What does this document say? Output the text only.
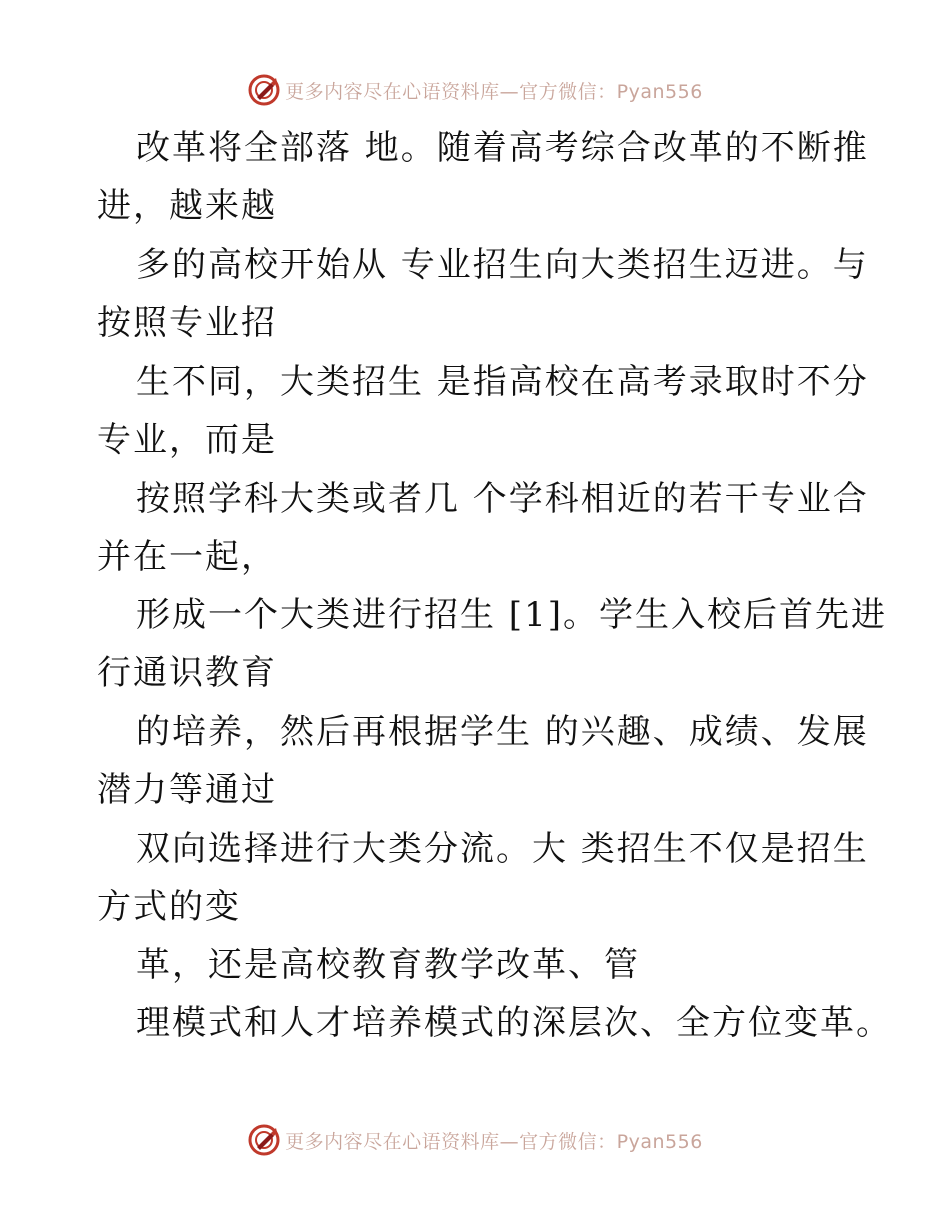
更多内容尽在心语资料库—官方微信：Pyan556
改革将全部落 地。随着高考综合改革的不断推
进，越来越
多的高校开始从 专业招生向大类招生迈进。与
按照专业招
生不同，大类招生 是指高校在高考录取时不分
专业，而是
按照学科大类或者几 个学科相近的若干专业合
并在一起，
形成一个大类进行招生 [1]。学生入校后首先进
行通识教育
的培养，然后再根据学生 的兴趣、成绩、发展
潜力等通过
双向选择进行大类分流。大 类招生不仅是招生
方式的变
革，还是高校教育教学改革、管
理模式和人才培养模式的深层次、全方位变革。
更多内容尽在心语资料库—官方微信：Pyan556
